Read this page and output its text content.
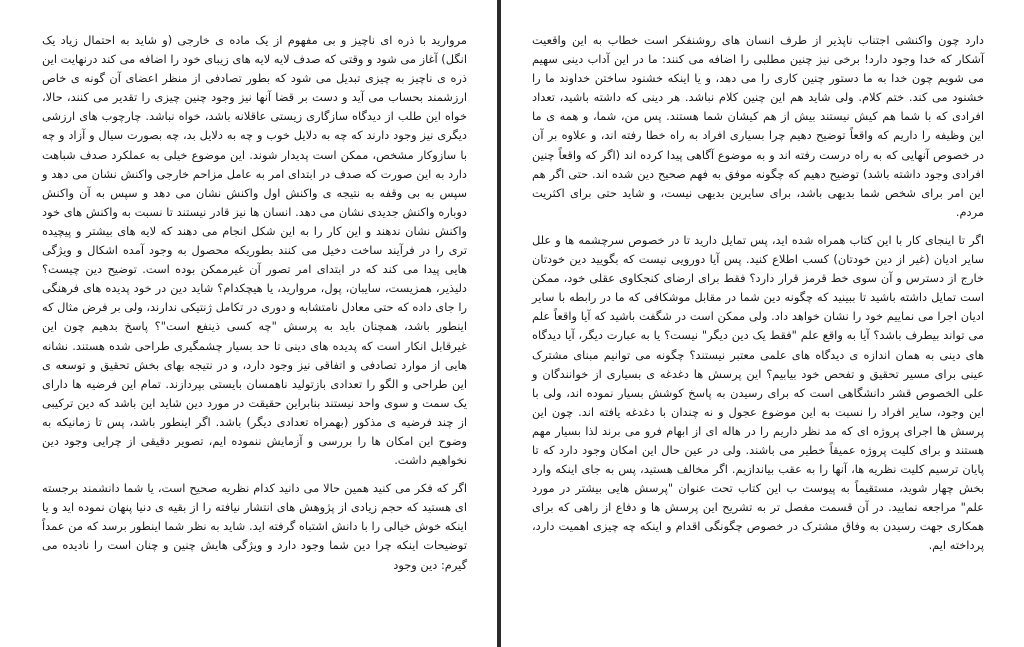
مروارید با ذره ای ناچیز و بی مفهوم از یک ماده ی خارجی (و شاید به احتمال زیاد یک انگل) آغاز می شود و وقتی که صدف لایه لایه های زیبای خود را اضافه می کند درنهایت این ذره ی ناچیز به چیزی تبدیل می شود که بطور تصادفی از منظر اعضای آن گونه ی خاص ارزشمند بحساب می آید و دست بر قضا آنها نیز وجود چنین چیزی را تقدیر می کنند، حالا، خواه این طلب از دیدگاه سازگاری زیستی عاقلانه باشد، خواه نباشد. چارچوب های ارزشی دیگری نیز وجود دارند که چه به دلایل خوب و چه به دلایل بد، چه بصورت سیال و آزاد و چه با سازوکار مشخص، ممکن است پدیدار شوند. این موضوع خیلی به عملکرد صدف شباهت دارد به این صورت که صدف در ابتدای امر به عامل مزاحم خارجی واکنش نشان می دهد و سپس به بی وقفه به نتیجه ی واکنش اول واکنش نشان می دهد و سپس به آن واکنش دوباره واکنش جدیدی نشان می دهد. انسان ها نیز قادر نیستند تا نسبت به واکنش های خود واکنش نشان ندهند و این کار را به این شکل انجام می دهند که لایه های بیشتر و پیچیده تری را در فرآیند ساخت دخیل می کنند بطوریکه محصول به وجود آمده اشکال و ویژگی هایی پیدا می کند که در ابتدای امر تصور آن غیرممکن بوده است. توضیح دین چیست؟ دلیذیر، همزیست، سایبان، پول، مروارید، یا هیچکدام؟ شاید دین در خود پدیده های فرهنگی را جای داده که حتی معادل نامتشابه و دوری در تکامل ژنتیکی ندارند، ولی بر فرض مثال که اینطور باشد، همچنان باید به پرسش "چه کسی ذینفع است"؟ پاسخ بدهیم چون این غیرقابل انکار است که پدیده های دینی تا حد بسیار چشمگیری طراحی شده هستند. نشانه هایی از موارد تصادفی و اتفاقی نیز وجود دارد، و در نتیجه بهای بخش تحقیق و توسعه ی این طراحی و الگو را تعدادی بازتولید ناهمسان بایستی بپردازند. تمام این فرضیه ها دارای یک سمت و سوی واحد نیستند بنابراین حقیقت در مورد دین شاید این باشد که دین ترکیبی از چند فرضیه ی مذکور (بهمراه تعدادی دیگر) باشد. اگر اینطور باشد، پس تا زمانیکه به وضوح این امکان ها را بررسی و آزمایش ننموده ایم، تصویر دقیقی از چرایی وجود دین نخواهیم داشت.

اگر که فکر می کنید همین حالا می دانید کدام نظریه صحیح است، یا شما دانشمند برجسته ای هستید که حجم زیادی از پژوهش های انتشار نیافته را از بقیه ی دنیا پنهان نموده اید و یا اینکه خوش خیالی را با دانش اشتباه گرفته اید. شاید به نظر شما اینطور برسد که من عمداً توضیحات اینکه چرا دین شما وجود دارد و ویژگی هایش چنین و چنان است را نادیده می گیرم: دین وجود

دارد چون واکنشی اجتناب ناپذیر از طرف انسان های روشنفکر است خطاب به این واقعیت آشکار که خدا وجود دارد! برخی نیز چنین مطلبی را اضافه می کنند: ما در این آداب دینی سهیم می شویم چون خدا به ما دستور چنین کاری را می دهد، و یا اینکه خشنود ساختن خداوند ما را خشنود می کند. ختم کلام. ولی شاید هم این چنین کلام نباشد. هر دینی که داشته باشید، تعداد افرادی که با شما هم کیش نیستند بیش از هم کیشان شما هستند. پس من، شما، و همه ی ما این وظیفه را داریم که واقعاً توضیح دهیم چرا بسیاری افراد به راه خطا رفته اند، و علاوه بر آن در خصوص آنهایی که به راه درست رفته اند و به موضوع آگاهی پیدا کرده اند (اگر که واقعاً چنین افرادی وجود داشته باشد) توضیح دهیم که چگونه موفق به فهم صحیح دین شده اند. حتی اگر هم این امر برای شخص شما بدیهی باشد، برای سایرین بدیهی نیست، و شاید حتی برای اکثریت مردم.

اگر تا اینجای کار با این کتاب همراه شده اید، پس تمایل دارید تا در خصوص سرچشمه ها و علل سایر ادیان (غیر از دین خودتان) کسب اطلاع کنید. پس آیا دورویی نیست که بگویید دین خودتان خارج از دسترس و آن سوی خط قرمز قرار دارد؟ فقط برای ارضای کنجکاوی عقلی خود، ممکن است تمایل داشته باشید تا ببینید که چگونه دین شما در مقابل موشکافی که ما در رابطه با سایر ادیان اجرا می نماییم خود را نشان خواهد داد. ولی ممکن است در شگفت باشید که آیا واقعاً علم می تواند بیطرف باشد؟ آیا به واقع علم "فقط یک دین دیگر" نیست؟ یا به عبارت دیگر، آیا دیدگاه های دینی به همان اندازه ی دیدگاه های علمی معتبر نیستند؟ چگونه می توانیم مبنای مشترک عینی برای مسیر تحقیق و تفحص خود بیابیم؟ این پرسش ها دغدغه ی بسیاری از خوانندگان و علی الخصوص قشر دانشگاهی است که برای رسیدن به پاسخ کوشش بسیار نموده اند، ولی با این وجود، سایر افراد را نسبت به این موضوع عجول و نه چندان با دغدغه یافته اند. چون این پرسش ها اجرای پروژه ای که مد نظر داریم را در هاله ای از ابهام فرو می برند لذا بسیار مهم هستند و برای کلیت پروژه عمیقاً خطیر می باشند. ولی در عین حال این امکان وجود دارد که تا پایان ترسیم کلیت نظریه ها، آنها را به عقب بیاندازیم. اگر مخالف هستید، پس به جای اینکه وارد بخش چهار شوید، مستقیماً به پیوست ب این کتاب تحت عنوان "پرسش هایی بیشتر در مورد علم" مراجعه نمایید. در آن قسمت مفصل تر به تشریح این پرسش ها و دفاع از راهی که برای همکاری جهت رسیدن به وفاق مشترک در خصوص چگونگی اقدام و اینکه چه چیزی اهمیت دارد، پرداخته ایم.
